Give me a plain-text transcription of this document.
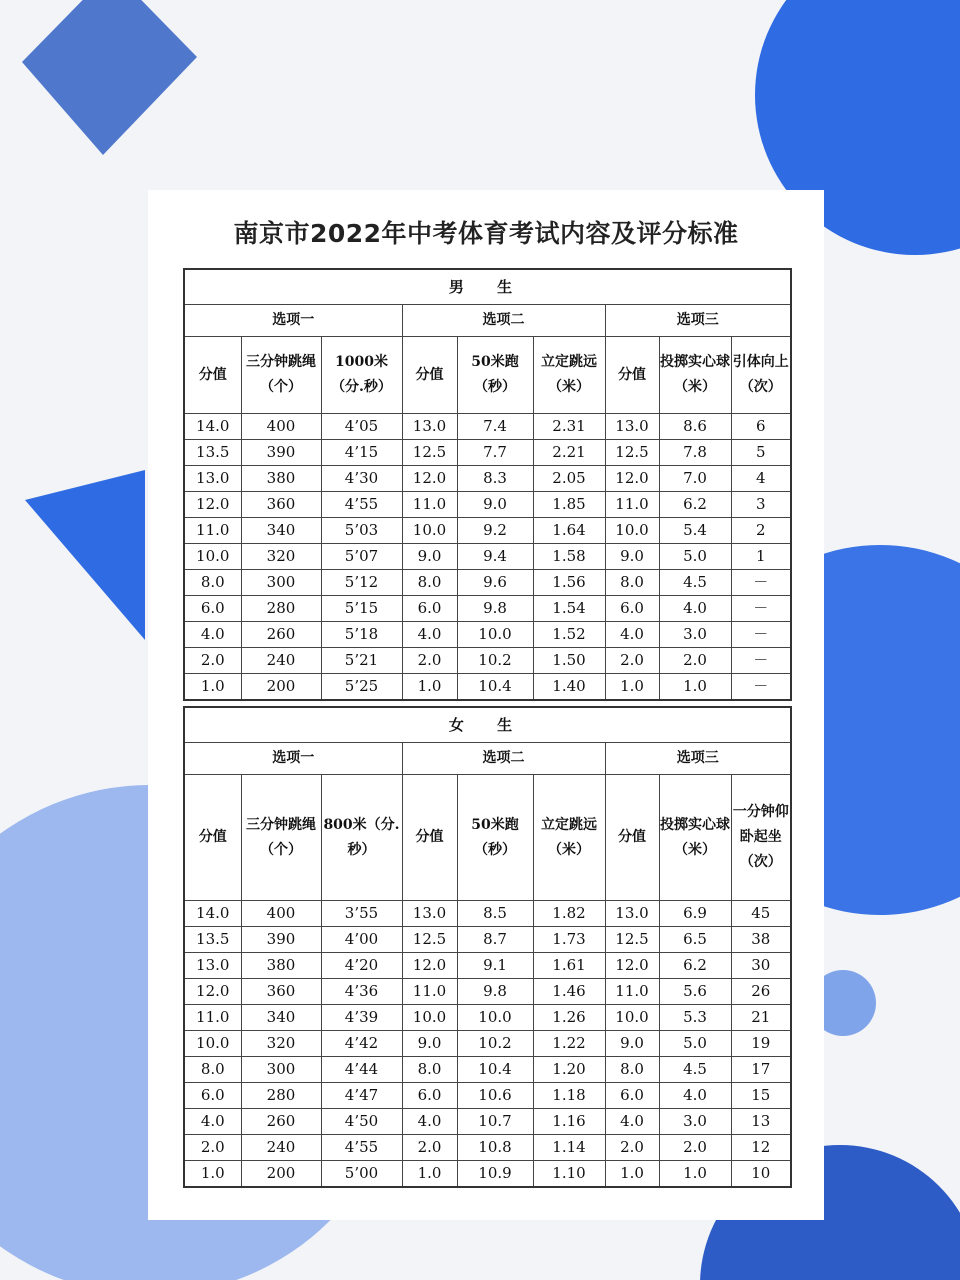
南京市2022年中考体育考试内容及评分标准
男 生								
选项一			选项二			选项三		
分值	三分钟跳绳（个）	1000米（分.秒）	分值	50米跑（秒）	立定跳远（米）	分值	投掷实心球（米）	引体向上（次）
14.0	400	4’05	13.0	7.4	2.31	13.0	8.6	6
13.5	390	4’15	12.5	7.7	2.21	12.5	7.8	5
13.0	380	4’30	12.0	8.3	2.05	12.0	7.0	4
12.0	360	4’55	11.0	9.0	1.85	11.0	6.2	3
11.0	340	5’03	10.0	9.2	1.64	10.0	5.4	2
10.0	320	5’07	9.0	9.4	1.58	9.0	5.0	1
8.0	300	5’12	8.0	9.6	1.56	8.0	4.5	－
6.0	280	5’15	6.0	9.8	1.54	6.0	4.0	－
4.0	260	5’18	4.0	10.0	1.52	4.0	3.0	－
2.0	240	5’21	2.0	10.2	1.50	2.0	2.0	－
1.0	200	5’25	1.0	10.4	1.40	1.0	1.0	－
女 生								
选项一			选项二			选项三		
分值	三分钟跳绳（个）	800米（分.秒）	分值	50米跑（秒）	立定跳远（米）	分值	投掷实心球（米）	一分钟仰卧起坐（次）
14.0	400	3’55	13.0	8.5	1.82	13.0	6.9	45
13.5	390	4’00	12.5	8.7	1.73	12.5	6.5	38
13.0	380	4’20	12.0	9.1	1.61	12.0	6.2	30
12.0	360	4’36	11.0	9.8	1.46	11.0	5.6	26
11.0	340	4’39	10.0	10.0	1.26	10.0	5.3	21
10.0	320	4’42	9.0	10.2	1.22	9.0	5.0	19
8.0	300	4’44	8.0	10.4	1.20	8.0	4.5	17
6.0	280	4’47	6.0	10.6	1.18	6.0	4.0	15
4.0	260	4’50	4.0	10.7	1.16	4.0	3.0	13
2.0	240	4’55	2.0	10.8	1.14	2.0	2.0	12
1.0	200	5’00	1.0	10.9	1.10	1.0	1.0	10
